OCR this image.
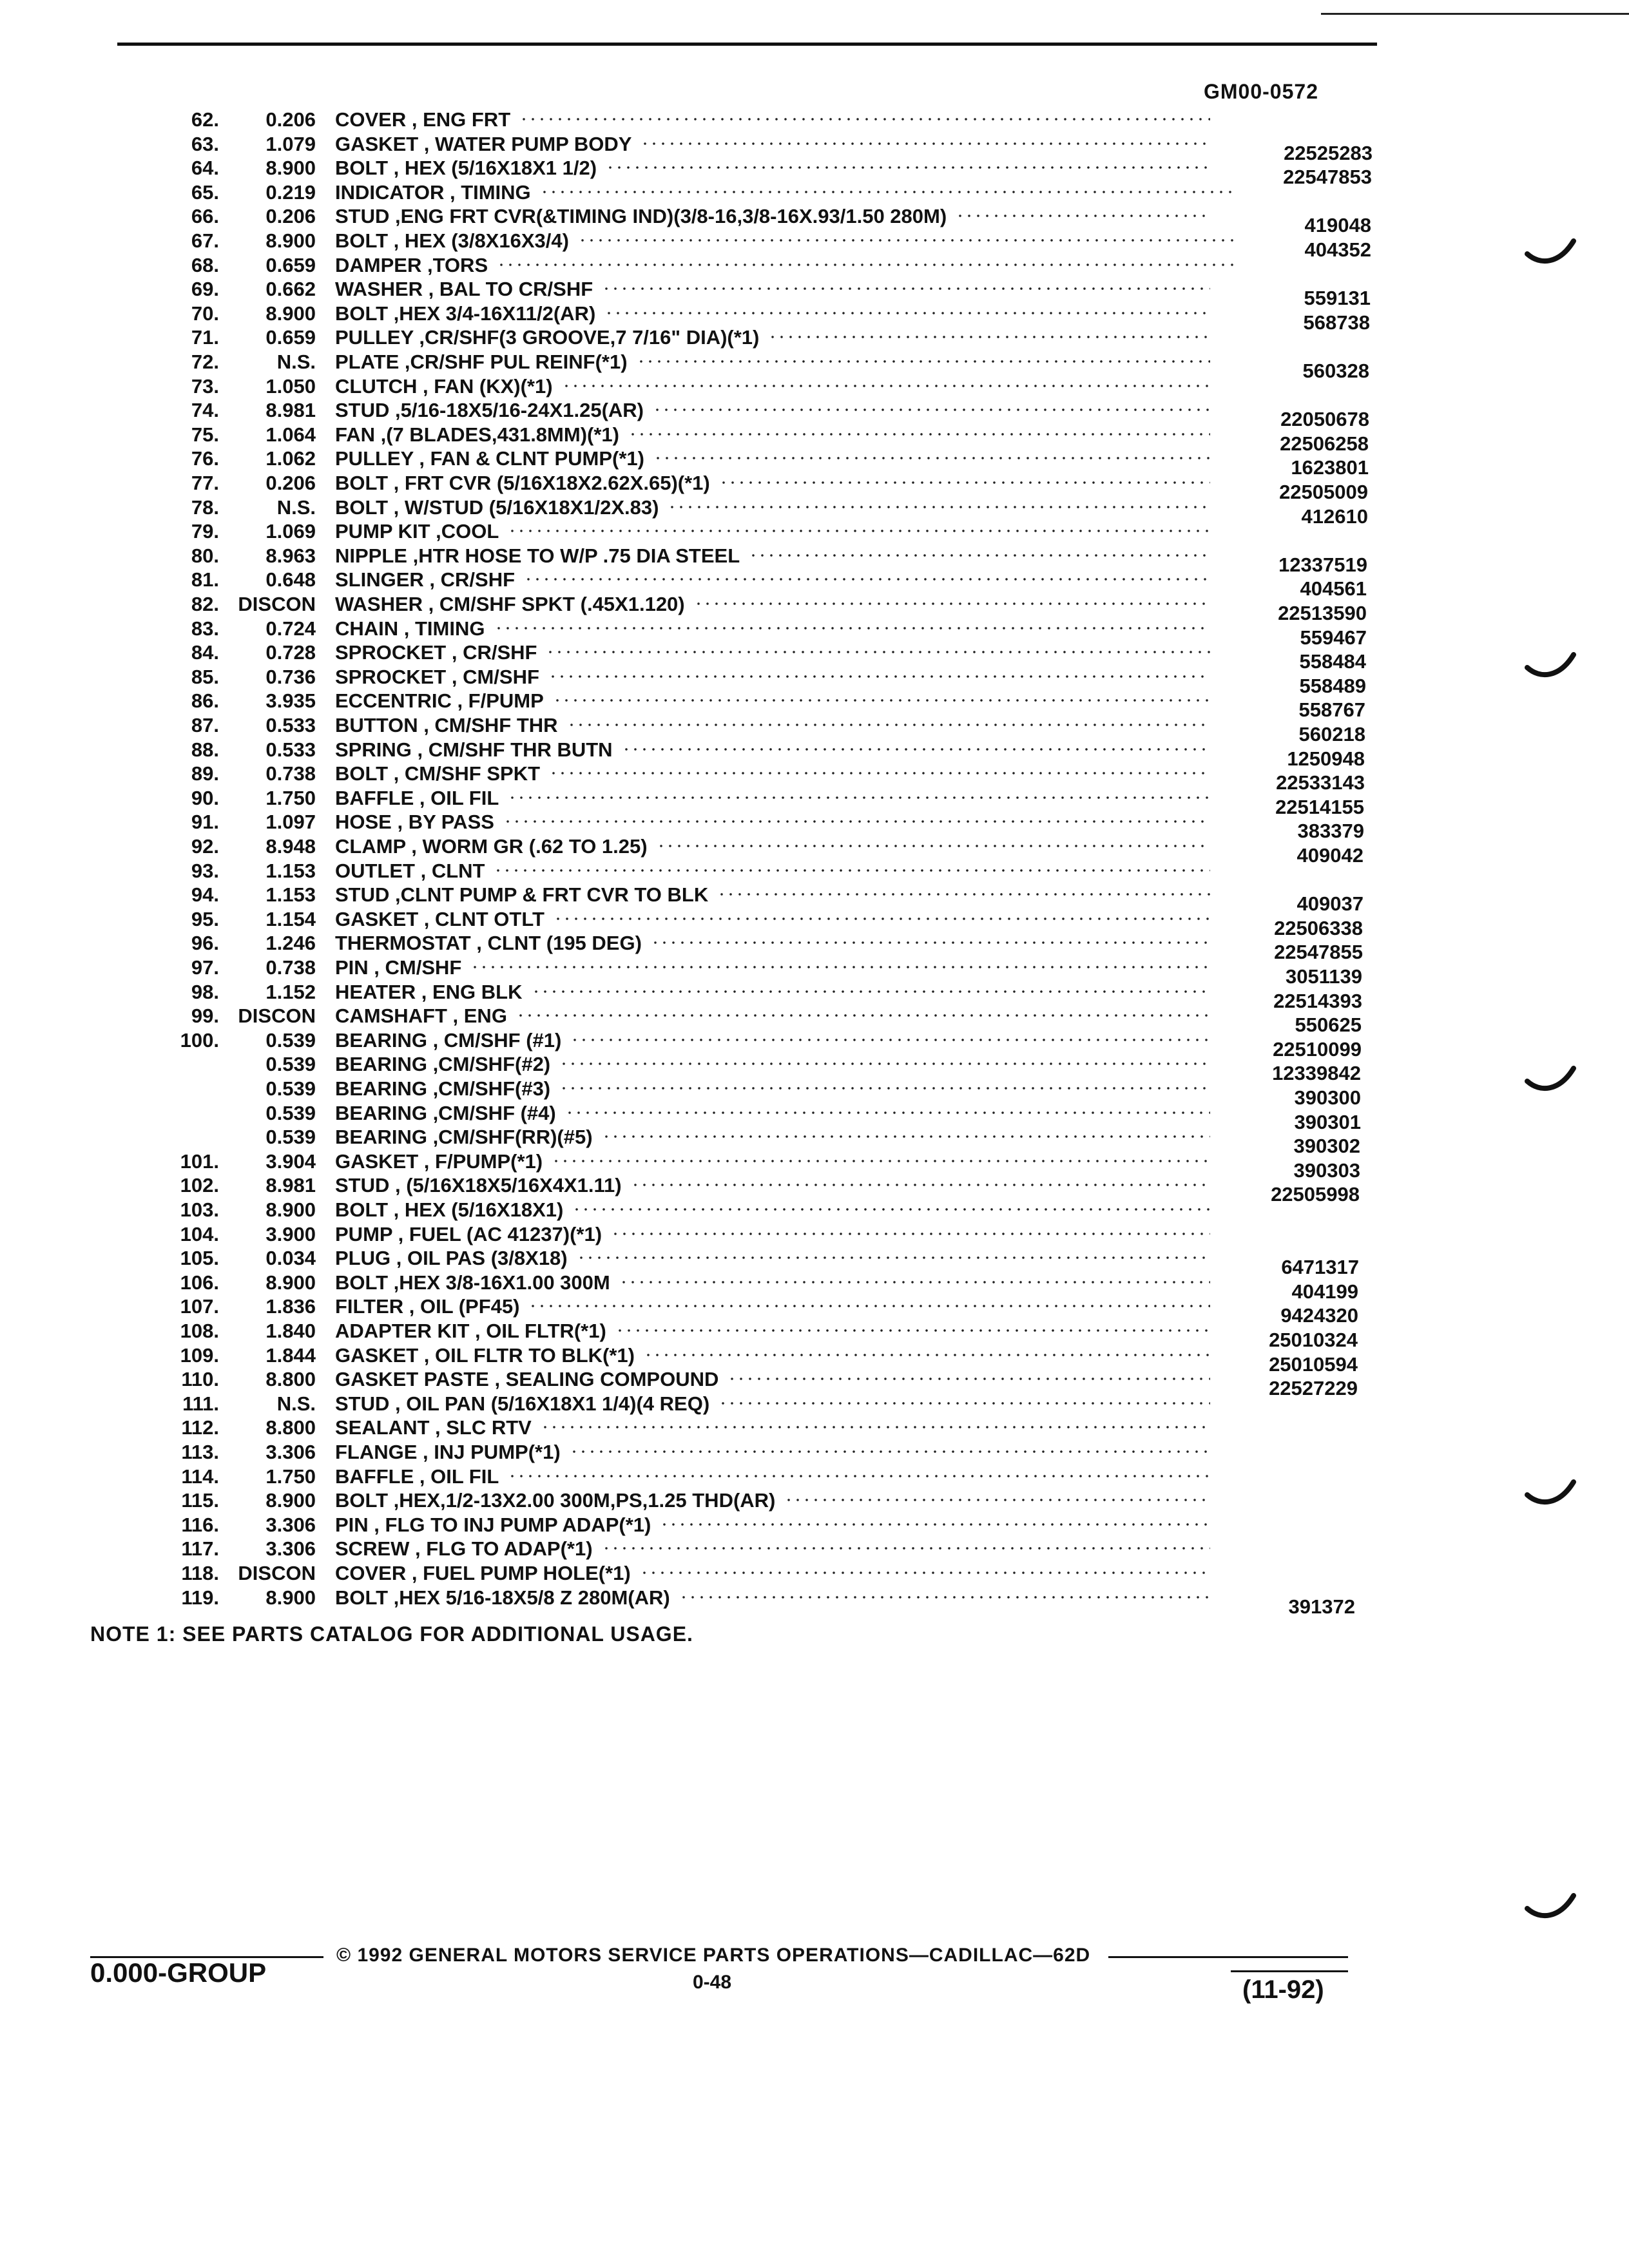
GM00-0572
62.	0.206 COVER , ENG FRT
63.	1.079 GASKET , WATER PUMP BODY	22525283
64.	8.900 BOLT , HEX (5/16X18X1 1/2)	22547853
65.	0.219 INDICATOR , TIMING
66.	0.206 STUD ,ENG FRT CVR(&TIMING IND)(3/8-16,3/8-16X.93/1.50 280M)	419048
67.	8.900 BOLT , HEX (3/8X16X3/4)	404352
68.	0.659 DAMPER ,TORS
69.	0.662 WASHER , BAL TO CR/SHF	559131
70.	8.900 BOLT ,HEX 3/4-16X11/2(AR)	568738
71.	0.659 PULLEY ,CR/SHF(3 GROOVE,7 7/16" DIA)(*1)
72.	N.S. PLATE ,CR/SHF PUL REINF(*1)	560328
73.	1.050 CLUTCH , FAN (KX)(*1)
74.	8.981 STUD ,5/16-18X5/16-24X1.25(AR)	22050678
75.	1.064 FAN ,(7 BLADES,431.8MM)(*1)	22506258
76.	1.062 PULLEY , FAN & CLNT PUMP(*1)	1623801
77.	0.206 BOLT , FRT CVR (5/16X18X2.62X.65)(*1)	22505009
78.	N.S. BOLT , W/STUD (5/16X18X1/2X.83)	412610
79.	1.069 PUMP KIT ,COOL
80.	8.963 NIPPLE ,HTR HOSE TO W/P .75 DIA STEEL	12337519
81.	0.648 SLINGER , CR/SHF	404561
82. DISCON WASHER , CM/SHF SPKT (.45X1.120)	22513590
83.	0.724 CHAIN , TIMING	559467
84.	0.728 SPROCKET , CR/SHF	558484
85.	0.736 SPROCKET , CM/SHF	558489
86.	3.935 ECCENTRIC , F/PUMP	558767
87.	0.533 BUTTON , CM/SHF THR	560218
88.	0.533 SPRING , CM/SHF THR BUTN	1250948
89.	0.738 BOLT , CM/SHF SPKT	22533143
90.	1.750 BAFFLE , OIL FIL	22514155
91.	1.097 HOSE , BY PASS	383379
92.	8.948 CLAMP , WORM GR (.62 TO 1.25)	409042
93.	1.153 OUTLET , CLNT
94.	1.153 STUD ,CLNT PUMP & FRT CVR TO BLK	409037
95.	1.154 GASKET , CLNT OTLT	22506338
96.	1.246 THERMOSTAT , CLNT (195 DEG)	22547855
97.	0.738 PIN , CM/SHF	3051139
98.	1.152 HEATER , ENG BLK	22514393
99. DISCON CAMSHAFT , ENG	550625
100.	0.539 BEARING , CM/SHF (#1)	22510099
0.539 BEARING ,CM/SHF(#2)	12339842
0.539 BEARING ,CM/SHF(#3)	390300
0.539 BEARING ,CM/SHF (#4)	390301
0.539 BEARING ,CM/SHF(RR)(#5)	390302
101.	3.904 GASKET , F/PUMP(*1)	390303
102.	8.981 STUD , (5/16X18X5/16X4X1.11)	22505998
103.	8.900 BOLT , HEX (5/16X18X1)
104.	3.900 PUMP , FUEL (AC 41237)(*1)
105.	0.034 PLUG , OIL PAS (3/8X18)	6471317
106.	8.900 BOLT ,HEX 3/8-16X1.00 300M	404199
107.	1.836 FILTER , OIL (PF45)	9424320
108.	1.840 ADAPTER KIT , OIL FLTR(*1)	25010324
109.	1.844 GASKET , OIL FLTR TO BLK(*1)	25010594
110.	8.800 GASKET PASTE , SEALING COMPOUND	22527229
111.	N.S. STUD , OIL PAN (5/16X18X1 1/4)(4 REQ)
112.	8.800 SEALANT , SLC RTV
113.	3.306 FLANGE , INJ PUMP(*1)
114.	1.750 BAFFLE , OIL FIL
115.	8.900 BOLT ,HEX,1/2-13X2.00 300M,PS,1.25 THD(AR)
116.	3.306 PIN , FLG TO INJ PUMP ADAP(*1)
117.	3.306 SCREW , FLG TO ADAP(*1)
118. DISCON COVER , FUEL PUMP HOLE(*1)
119.	8.900 BOLT ,HEX 5/16-18X5/8 Z 280M(AR)	391372
NOTE 1: SEE PARTS CATALOG FOR ADDITIONAL USAGE.
0.000-GROUP
© 1992 GENERAL MOTORS SERVICE PARTS OPERATIONS—CADILLAC—62D
0-48	(11-92)
